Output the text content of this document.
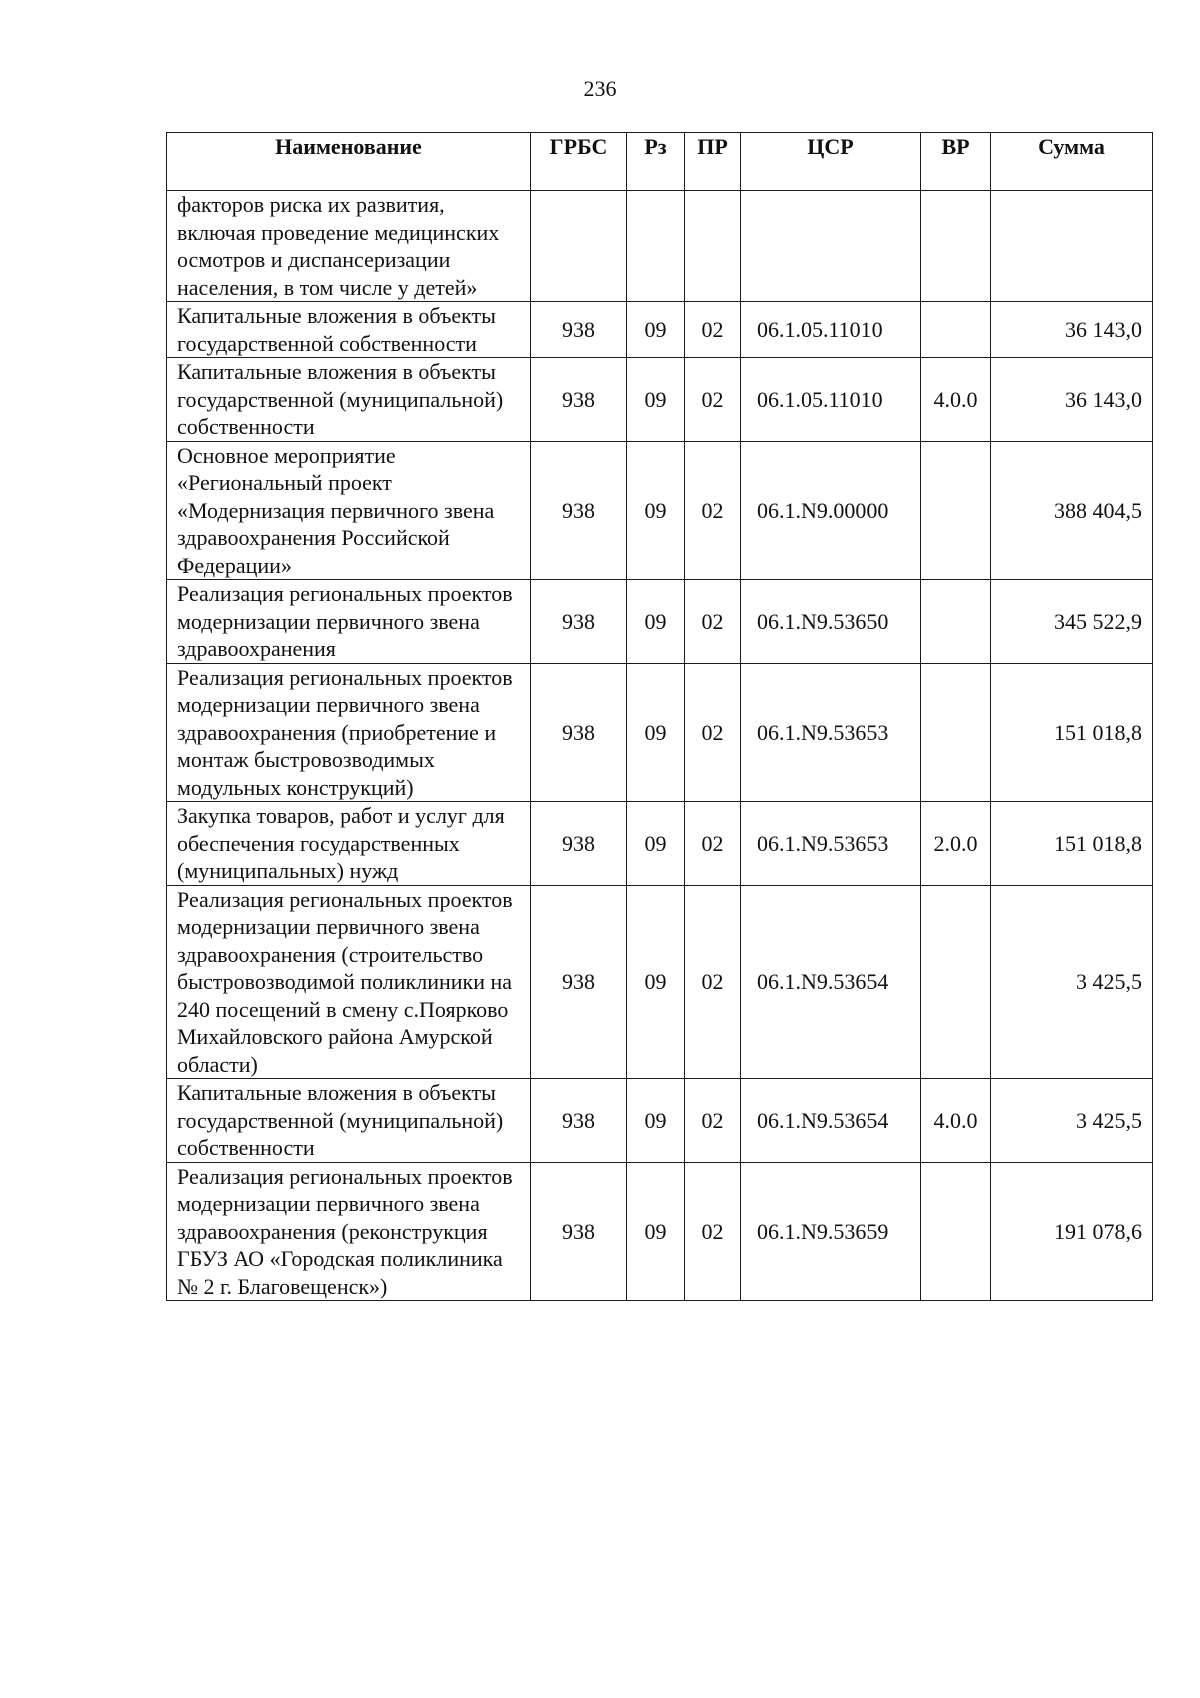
236
Наименование	ГРБС	Рз	ПР	ЦСР	ВР	Сумма
факторов риска их развития, включая проведение медицинских осмотров и диспансеризации населения, в том числе у детей»						
Капитальные вложения в объекты государственной собственности	938	09	02	06.1.05.11010		36 143,0
Капитальные вложения в объекты государственной (муниципальной) собственности	938	09	02	06.1.05.11010	4.0.0	36 143,0
Основное мероприятие «Региональный проект «Модернизация первичного звена здравоохранения Российской Федерации»	938	09	02	06.1.N9.00000		388 404,5
Реализация региональных проектов модернизации первичного звена здравоохранения	938	09	02	06.1.N9.53650		345 522,9
Реализация региональных проектов модернизации первичного звена здравоохранения (приобретение и монтаж быстровозводимых модульных конструкций)	938	09	02	06.1.N9.53653		151 018,8
Закупка товаров, работ и услуг для обеспечения государственных (муниципальных) нужд	938	09	02	06.1.N9.53653	2.0.0	151 018,8
Реализация региональных проектов модернизации первичного звена здравоохранения (строительство быстровозводимой поликлиники на 240 посещений в смену с.Поярково Михайловского района Амурской области)	938	09	02	06.1.N9.53654		3 425,5
Капитальные вложения в объекты государственной (муниципальной) собственности	938	09	02	06.1.N9.53654	4.0.0	3 425,5
Реализация региональных проектов модернизации первичного звена здравоохранения (реконструкция ГБУЗ АО «Городская поликлиника № 2 г. Благовещенск»)	938	09	02	06.1.N9.53659		191 078,6
